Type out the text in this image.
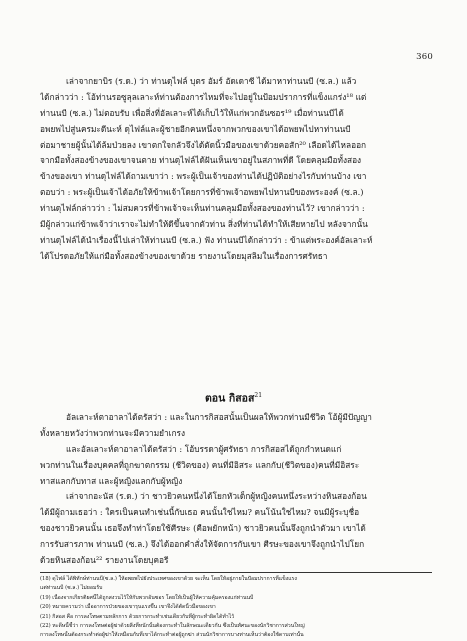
360
เล่าจากยาบิร (ร.ด.) ว่า ท่านดุไฟล์ บุตร อัมร์ อัดเดาซี ได้มาหาท่านนบี (ซ.ล.) แล้ว
ได้กล่าวว่า : โอ้ท่านรอซูลุลเลาะห์ท่านต้องการไหมที่จะไปอยู่ในป้อมปราการที่แข็งแกร่ง¹⁸ แต่
ท่านนบี (ซ.ล.) ไม่ตอบรับ เพื่อสิ่งที่อัลเลาะห์ได้เก็บไว้ให้แก่พวกอันซอร¹⁹ เมื่อท่านนบีได้
อพยพไปสู่นครมะดีนะห์ ดุไฟล์และผู้ชายอีกคนหนึ่งจากพวกของเขาได้อพยพไปหาท่านนบี
ต่อมาชายผู้นั้นได้ล้มป่วยลง เขาตกใจกลัวจึงได้ตัดนิ้วมือของเขาด้วยคอสัก²⁰ เลือดได้ไหลออก
จากมือทั้งสองข้างของเขาจนตาย ท่านดุไฟล์ได้ฝันเห็นเขาอยู่ในสภาพที่ดี โดยคลุมมือทั้งสอง
ข้างของเขา ท่านดุไฟล์ได้ถามเขาว่า : พระผู้เป็นเจ้าของท่านได้ปฏิบัติอย่างไรกับท่านบ้าง เขา
ตอบว่า : พระผู้เป็นเจ้าได้อภัยให้ข้าพเจ้าโดยการที่ข้าพเจ้าอพยพไปหานบีของพระองค์ (ซ.ล.)
ท่านดุไฟล์กล่าวว่า : ไม่สมควรที่ข้าพเจ้าจะเห็นท่านคลุมมือทั้งสองของท่านไว้? เขากล่าวว่า :
มีผู้กล่าวแก่ข้าพเจ้าว่าเราจะไม่ทำให้ดีขึ้นจากตัวท่าน สิ่งที่ท่านได้ทำให้เสียหายไป หลังจากนั้น
ท่านดุไฟล์ได้นำเรื่องนี้ไปเล่าให้ท่านนบี (ซ.ล.) ฟัง ท่านนบีได้กล่าวว่า : ข้าแต่พระองค์อัลเลาะห์
ได้โปรดอภัยให้แก่มือทั้งสองข้างของเขาด้วย รายงานโดยมุสลิมในเรื่องการศรัทธา
ตอน กิสอส$^{21}$
อัลเลาะห์ตาอาลาได้ตรัสว่า : และในการกิสอสนั้นเป็นผลให้พวกท่านมีชีวิต โอ้ผู้มีปัญญา
ทั้งหลายหวังว่าพวกท่านจะมีความยำเกรง
และอัลเลาะห์ตาอาลาได้ตรัสว่า : โอ้บรรดาผู้ศรัทธา การกิสอสได้ถูกกำหนดแก่
พวกท่านในเรื่องบุคคลที่ถูกฆาตกรรม (ชีวิตของ) คนที่มีอิสระ แลกกับ(ชีวิตของ)คนที่มีอิสระ
ทาสแลกกับทาส และผู้หญิงแลกกับผู้หญิง
เล่าจากอะนัส (ร.ด.) ว่า ชาวยิวคนหนึ่งได้โยกหัวเด็กผู้หญิงคนหนึ่งระหว่างหินสองก้อน
ได้มีผู้ถามเธอว่า : ใครเป็นคนทำเช่นนี้กับเธอ คนนั้นใช่ไหม? คนโน้นใช่ไหม? จนมีผู้ระบุชื่อ
ของชาวยิวคนนั้น เธอจึงทำท่าโดยใช้ศีรษะ (คือพยักหน้า) ชาวยิวคนนั้นจึงถูกนำตัวมา เขาได้
การรับสารภาพ ท่านนบี (ซ.ล.) จึงได้ออกคำสั่งให้จัดการกับเขา ศีรษะของเขาจึงถูกนำไปโยก
ด้วยหินสองก้อน²² รายงานโดยบุคอรี
(18) ดุไฟล์ ได้พิทักษ์ท่านนบี(ซ.ล.) ให้อพยพไปยังประเทศของเขาด้วย จะเห็น โดยให้อยู่ภายในป้อมปราการที่แข็งแรง
แต่ท่านนบี (ซ.ล.) ไม่ยอมรับ
(19) เนื่องจากเกียรติยศนี้ได้ถูกสงวนไว้ให้กับพวกอันซอร โดยให้เป็นผู้ให้ความคุ้มครองแก่ท่านนบี
(20) หมายความว่า เมื่ออาการป่วยของเขารุนแรงขึ้น เขาจึงได้ตัดนิ้วมือของเขา
(21) กิสอส คือ การลงโทษตามหลักการ ด้วยการกระทำเช่นเดียวกับที่ผู้กระทำผิดได้ทำไว้
(22) หะดีษนี้ชี้ว่า การลงโทษต่อผู้ฆ่าด้วยสิ่งที่หนักนั้นต้องกระทำในลักษณะเดียวกัน ซึ่งเป็นทัศนะของนักวิชาการส่วนใหญ่
การลงโทษนั้นต้องกระทำต่อผู้ฆ่าให้เหมือนกับที่เขาได้กระทำต่อผู้ถูกฆ่า ส่วนนักวิชาการบางท่านเห็นว่าต้องใช้ดาบเท่านั้น
